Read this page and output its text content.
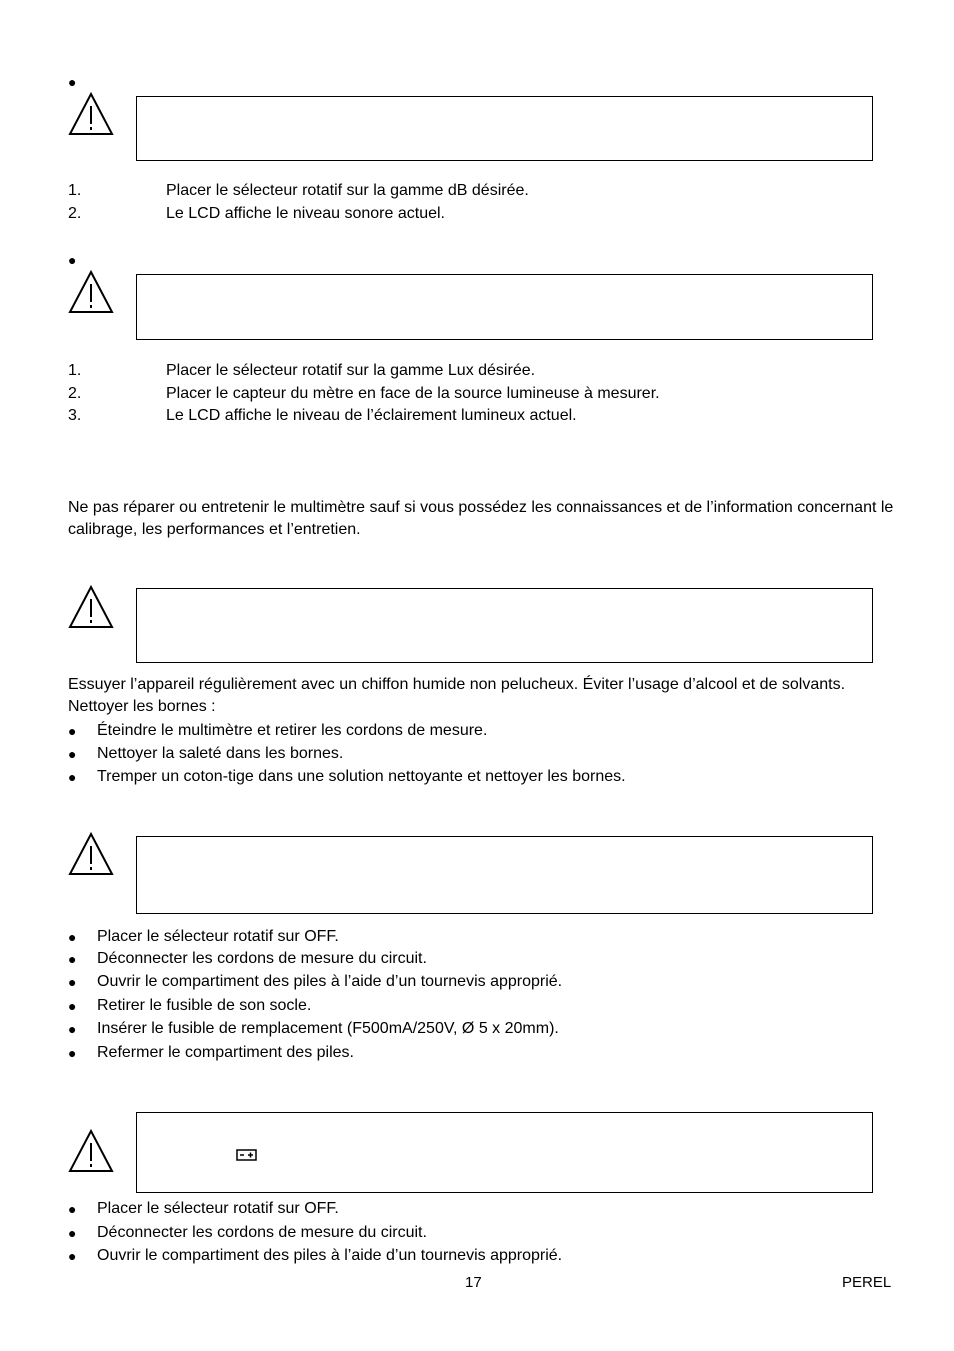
●
1.	Placer le sélecteur rotatif sur la gamme dB désirée.
2.	Le LCD affiche le niveau sonore actuel.
●
1.	Placer le sélecteur rotatif sur la gamme Lux désirée.
2.	Placer le capteur du mètre en face de la source lumineuse à mesurer.
3.	Le LCD affiche le niveau de l’éclairement lumineux actuel.
Ne pas réparer ou entretenir le multimètre sauf si vous possédez les connaissances et de l’information concernant le
calibrage, les performances et l’entretien.
Essuyer l’appareil régulièrement avec un chiffon humide non pelucheux. Éviter l’usage d’alcool et de solvants.
Nettoyer les bornes :
● Éteindre le multimètre et retirer les cordons de mesure.
● Nettoyer la saleté dans les bornes.
● Tremper un coton-tige dans une solution nettoyante et nettoyer les bornes.
● Placer le sélecteur rotatif sur OFF.
● Déconnecter les cordons de mesure du circuit.
● Ouvrir le compartiment des piles à l’aide d’un tournevis approprié.
● Retirer le fusible de son socle.
● Insérer le fusible de remplacement (F500mA/250V, Ø 5 x 20mm).
● Refermer le compartiment des piles.
● Placer le sélecteur rotatif sur OFF.
● Déconnecter les cordons de mesure du circuit.
● Ouvrir le compartiment des piles à l’aide d’un tournevis approprié.
17	PEREL
